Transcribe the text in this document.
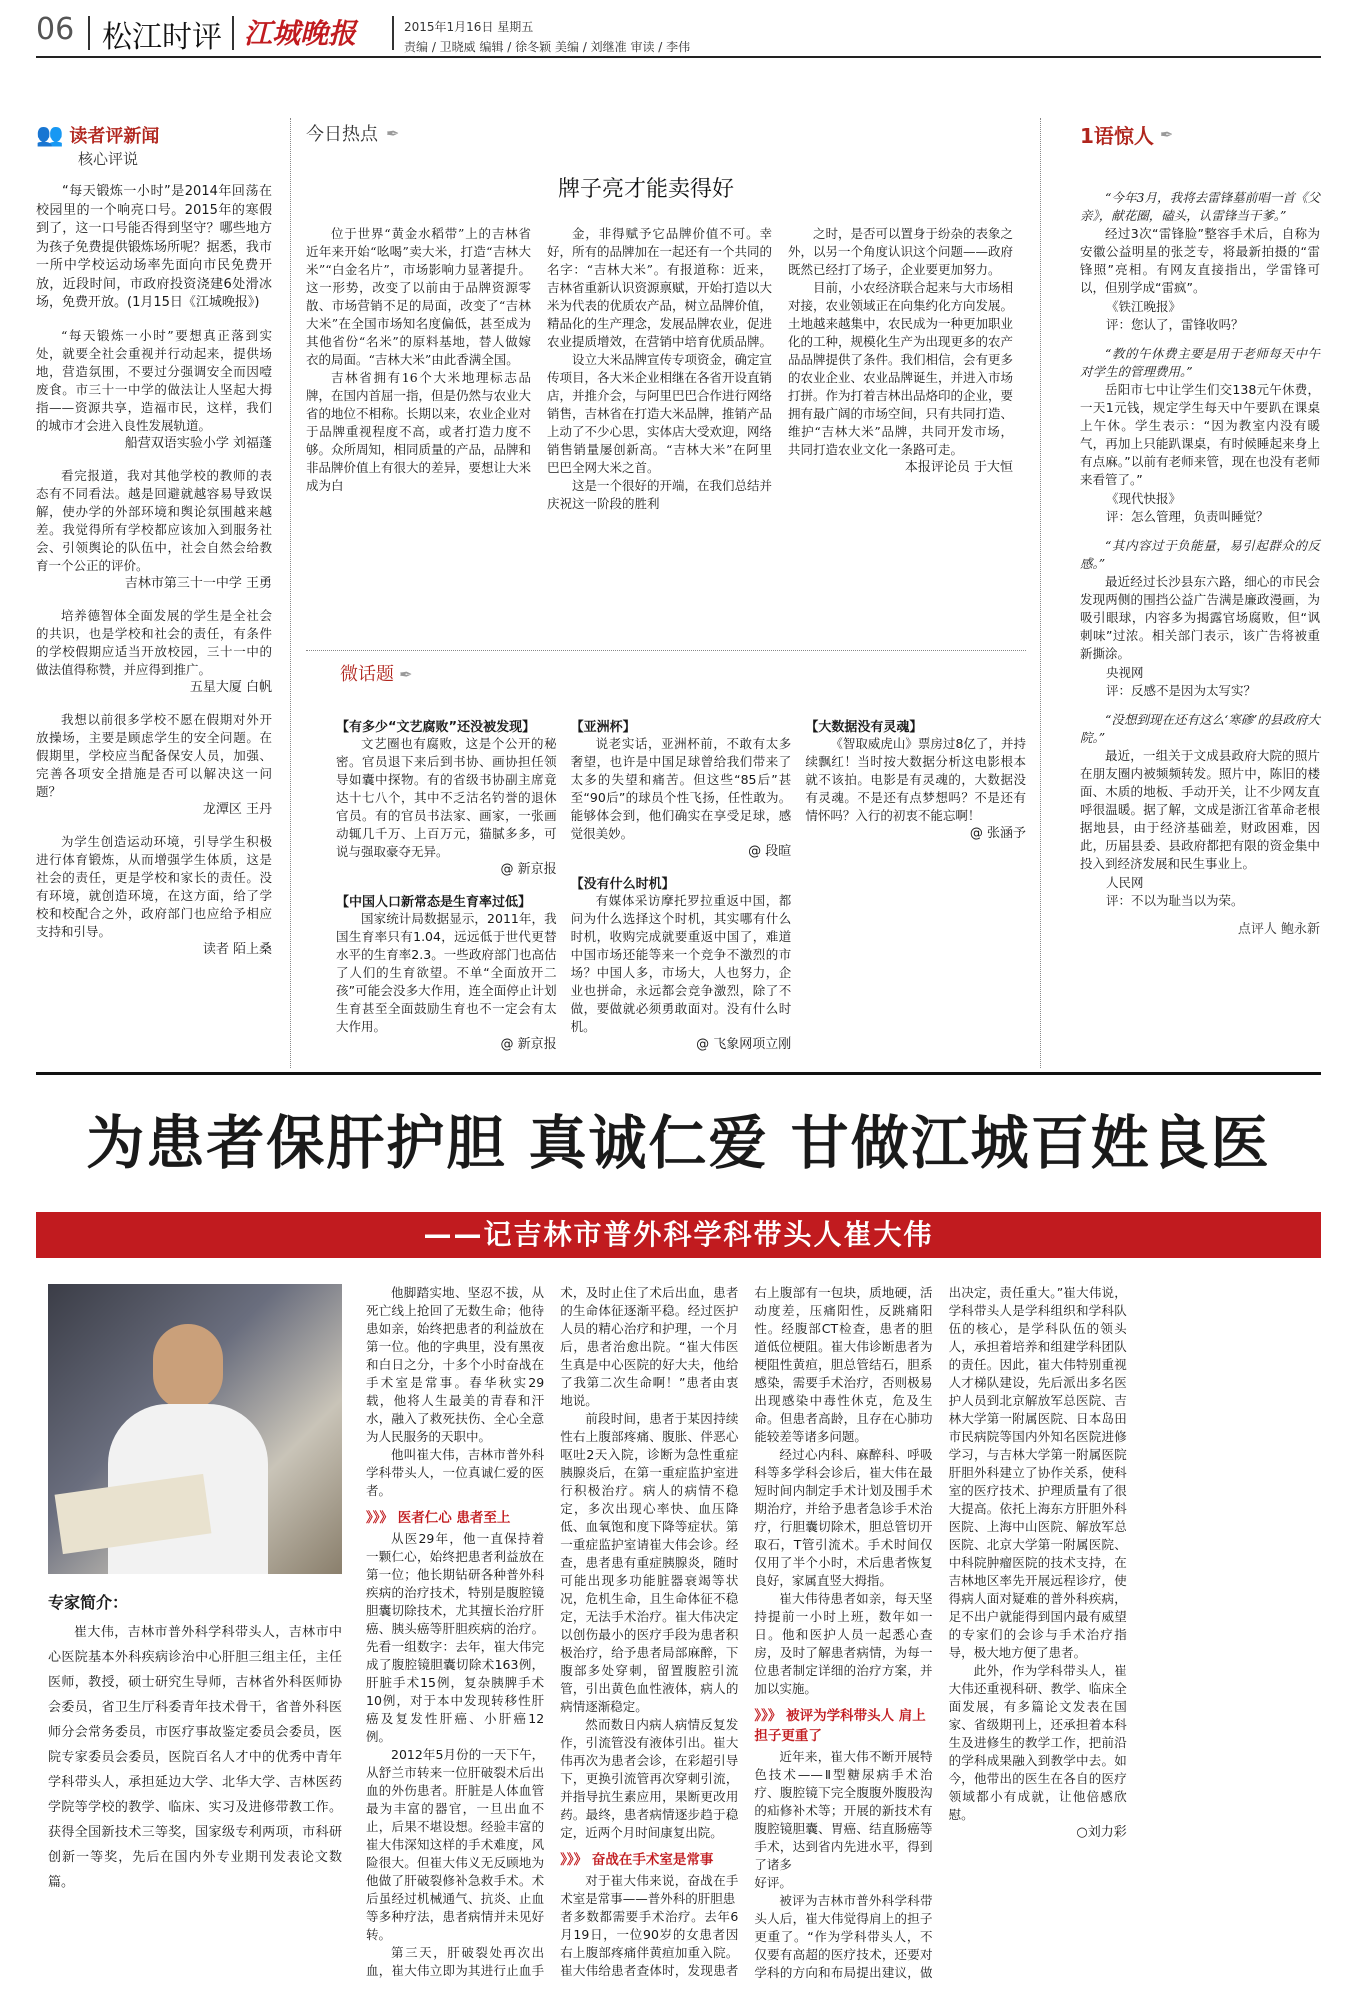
06 松江时评 江城晚报	2015年1月16日 星期五
责编 / 卫晓威 编辑 / 徐冬颖 美编 / 刘继准 审读 / 李伟
👥 读者评新闻
核心评说

“每天锻炼一小时”是2014年回荡在校园里的一个响亮口号。2015年的寒假到了，这一口号能否得到坚守？哪些地方为孩子免费提供锻炼场所呢？据悉，我市一所中学校运动场率先面向市民免费开放，近段时间，市政府投资浇建6处滑冰场，免费开放。(1月15日《江城晚报》)

“每天锻炼一小时”要想真正落到实处，就要全社会重视并行动起来，提供场地，营造氛围，不要过分强调安全而因噎废食。市三十一中学的做法让人坚起大拇指——资源共享，造福市民，这样，我们的城市才会进入良性发展轨道。

船营双语实验小学 刘福蓬

看完报道，我对其他学校的教师的表态有不同看法。越是回避就越容易导致误解，使办学的外部环境和舆论氛围越来越差。我觉得所有学校都应该加入到服务社会、引领舆论的队伍中，社会自然会给教育一个公正的评价。

吉林市第三十一中学 王勇

培养德智体全面发展的学生是全社会的共识，也是学校和社会的责任，有条件的学校假期应适当开放校园，三十一中的做法值得称赞，并应得到推广。

五星大厦 白帆

我想以前很多学校不愿在假期对外开放操场，主要是顾虑学生的安全问题。在假期里，学校应当配备保安人员，加强、完善各项安全措施是否可以解决这一问题？

龙潭区 王丹

为学生创造运动环境，引导学生积极进行体育锻炼，从而增强学生体质，这是社会的责任，更是学校和家长的责任。没有环境，就创造环境，在这方面，给了学校和校配合之外，政府部门也应给予相应支持和引导。

读者 陌上桑
今日热点 ✒
牌子亮才能卖得好

位于世界“黄金水稻带”上的吉林省近年来开始“吆喝”卖大米，打造“吉林大米”“白金名片”，市场影响力显著提升。这一形势，改变了以前由于品牌资源零散、市场营销不足的局面，改变了“吉林大米”在全国市场知名度偏低，甚至成为其他省份“名米”的原料基地，替人做嫁衣的局面。“吉林大米”由此香满全国。

吉林省拥有16个大米地理标志品牌，在国内首屈一指，但是仍然与农业大省的地位不相称。长期以来，农业企业对于品牌重视程度不高，或者打造力度不够。众所周知，相同质量的产品，品牌和非品牌价值上有很大的差异，要想让大米成为白

金，非得赋予它品牌价值不可。幸好，所有的品牌加在一起还有一个共同的名字：“吉林大米”。有报道称：近来，吉林省重新认识资源禀赋，开始打造以大米为代表的优质农产品，树立品牌价值，精品化的生产理念，发展品牌农业，促进农业提质增效，在营销中培育优质品牌。

设立大米品牌宣传专项资金，确定宣传项目，各大米企业相继在各省开设直销店，并推介会，与阿里巴巴合作进行网络销售，吉林省在打造大米品牌，推销产品上动了不少心思，实体店大受欢迎，网络销售销量屡创新高。“吉林大米”在阿里巴巴全网大米之首。

这是一个很好的开端，在我们总结并庆祝这一阶段的胜利

之时，是否可以置身于纷杂的表象之外，以另一个角度认识这个问题——政府既然已经打了场子，企业要更加努力。

目前，小农经济联合起来与大市场相对接，农业领域正在向集约化方向发展。土地越来越集中，农民成为一种更加职业化的工种，规模化生产为出现更多的农产品品牌提供了条件。我们相信，会有更多的农业企业、农业品牌诞生，并进入市场打拼。作为打着吉林出品烙印的企业，要拥有最广阔的市场空间，只有共同打造、维护“吉林大米”品牌，共同开发市场，共同打造农业文化一条路可走。

本报评论员 于大恒
微话题 ✒
【有多少“文艺腐败”还没被发现】

文艺圈也有腐败，这是个公开的秘密。官员退下来后到书协、画协担任领导如囊中探物。有的省级书协副主席竟达十七八个，其中不乏沽名钓誉的退休官员。有的官员书法家、画家，一张画动辄几千万、上百万元，猫腻多多，可说与强取豪夺无异。

@ 新京报
【中国人口新常态是生育率过低】

国家统计局数据显示，2011年，我国生育率只有1.04，远远低于世代更替水平的生育率2.3。一些政府部门也高估了人们的生育欲望。不单“全面放开二孩”可能会没多大作用，连全面停止计划生育甚至全面鼓励生育也不一定会有太大作用。

@ 新京报
【亚洲杯】

说老实话，亚洲杯前，不敢有太多奢望，也许是中国足球曾给我们带来了太多的失望和痛苦。但这些“85后”甚至“90后”的球员个性飞扬，任性敢为。能够体会到，他们确实在享受足球，感觉很美妙。

@ 段暄
【没有什么时机】

有媒体采访摩托罗拉重返中国，都问为什么选择这个时机，其实哪有什么时机，收购完成就要重返中国了，难道中国市场还能等来一个竞争不激烈的市场？中国人多，市场大，人也努力，企业也拼命，永远都会竞争激烈，除了不做，要做就必须勇敢面对。没有什么时机。

@ 飞象网项立刚
【大数据没有灵魂】

《智取威虎山》票房过8亿了，并持续飘红！当时按大数据分析这电影根本就不该拍。电影是有灵魂的，大数据没有灵魂。不是还有点梦想吗？不是还有情怀吗？入行的初衷不能忘啊！

@ 张涵予
1语惊人 ✒

“今年3月，我将去雷锋墓前唱一首《父亲》，献花圈，磕头，认雷锋当干爹。”

经过3次“雷锋脸”整容手术后，自称为安徽公益明星的张芝专，将最新拍摄的“雷锋照”亮相。有网友直接指出，学雷锋可以，但别学成“雷疯”。

《铁江晚报》
评：您认了，雷锋收吗？

“教的午休费主要是用于老师每天中午对学生的管理费用。”

岳阳市七中让学生们交138元午休费，一天1元钱，规定学生每天中午要趴在课桌上午休。学生表示：“因为教室内没有暖气，再加上只能趴课桌，有时候睡起来身上有点麻。”以前有老师来管，现在也没有老师来看管了。”

《现代快报》
评：怎么管理，负责叫睡觉？

“其内容过于负能量，易引起群众的反感。”

最近经过长沙县东六路，细心的市民会发现两侧的围挡公益广告满是廉政漫画，为吸引眼球，内容多为揭露官场腐败，但“讽刺味”过浓。相关部门表示，该广告将被重新撕涂。

央视网
评：反感不是因为太写实？

“没想到现在还有这么‘寒碜’的县政府大院。”

最近，一组关于文成县政府大院的照片在朋友圈内被频频转发。照片中，陈旧的楼面、木质的地板、手动开关，让不少网友直呼很温暖。据了解，文成是浙江省革命老根据地县，由于经济基础差，财政困难，因此，历届县委、县政府都把有限的资金集中投入到经济发展和民生事业上。

人民网
评：不以为耻当以为荣。
点评人 鲍永新
为患者保肝护胆 真诚仁爱 甘做江城百姓良医
——记吉林市普外科学科带头人崔大伟
专家简介：

崔大伟，吉林市普外科学科带头人，吉林市中心医院基本外科疾病诊治中心肝胆三组主任，主任医师，教授，硕士研究生导师，吉林省外科医师协会委员，省卫生厅科委青年技术骨干，省普外科医师分会常务委员，市医疗事故鉴定委员会委员，医院专家委员会委员，医院百名人才中的优秀中青年学科带头人，承担延边大学、北华大学、吉林医药学院等学校的教学、临床、实习及进修带教工作。获得全国新技术三等奖，国家级专利两项，市科研创新一等奖，先后在国内外专业期刊发表论文数篇。

他脚踏实地、坚忍不拔，从死亡线上抢回了无数生命；他待患如亲，始终把患者的利益放在第一位。他的字典里，没有黑夜和白日之分，十多个小时奋战在手术室是常事。春华秋实29载，他将人生最美的青春和汗水，融入了救死扶伤、全心全意为人民服务的天职中。

他叫崔大伟，吉林市普外科学科带头人，一位真诚仁爱的医者。

》》》 医者仁心 患者至上

从医29年，他一直保持着一颗仁心，始终把患者利益放在第一位；他长期钻研各种普外科疾病的治疗技术，特别是腹腔镜胆囊切除技术，尤其擅长治疗肝癌、胰头癌等肝胆疾病的治疗。先看一组数字：去年，崔大伟完成了腹腔镜胆囊切除术163例，肝脏手术15例，复杂胰脾手术10例，对于本中发现转移性肝癌及复发性肝癌、小肝癌12例。

2012年5月份的一天下午，从舒兰市转来一位肝破裂术后出血的外伤患者。肝脏是人体血管最为丰富的器官，一旦出血不止，后果不堪设想。经验丰富的崔大伟深知这样的手术难度，风险很大。但崔大伟义无反顾地为他做了肝破裂修补急救手术。术后虽经过机械通气、抗炎、止血等多种疗法，患者病情并未见好转。

第三天，肝破裂处再次出血，崔大伟立即为其进行止血手术，及时止住了术后出血，患者的生命体征逐渐平稳。经过医护人员的精心治疗和护理，一个月后，患者治愈出院。“崔大伟医生真是中心医院的好大夫，他给了我第二次生命啊！”患者由衷地说。

前段时间，患者于某因持续性右上腹部疼痛、腹胀、伴恶心呕吐2天入院，诊断为急性重症胰腺炎后，在第一重症监护室进行积极治疗。病人的病情不稳定，多次出现心率快、血压降低、血氧饱和度下降等症状。第一重症监护室请崔大伟会诊。经查，患者患有重症胰腺炎，随时可能出现多功能脏器衰竭等状况，危机生命，且生命体征不稳定，无法手术治疗。崔大伟决定以创伤最小的医疗手段为患者积极治疗，给予患者局部麻醉，下腹部多处穿刺，留置腹腔引流管，引出黄色血性液体，病人的病情逐渐稳定。

然而数日内病人病情反复发作，引流管没有液体引出。崔大伟再次为患者会诊，在彩超引导下，更换引流管再次穿刺引流，并指导抗生素应用，果断更改用药。最终，患者病情逐步趋于稳定，近两个月时间康复出院。

》》》 奋战在手术室是常事

对于崔大伟来说，奋战在手术室是常事——普外科的肝胆患

者多数都需要手术治疗。去年6月19日，一位90岁的女患者因右上腹部疼痛伴黄疸加重入院。崔大伟给患者查体时，发现患者右上腹部有一包块，质地硬，活动度差，压痛阳性，反跳痛阳性。经腹部CT检查，患者的胆道低位梗阻。崔大伟诊断患者为梗阻性黄疸，胆总管结石，胆系感染，需要手术治疗，否则极易出现感染中毒性休克，危及生命。但患者高龄，且存在心肺功能较差等诸多问题。

经过心内科、麻醉科、呼吸科等多学科会诊后，崔大伟在最短时间内制定手术计划及围手术期治疗，并给予患者急诊手术治疗，行胆囊切除术，胆总管切开取石，T管引流术。手术时间仅仅用了半个小时，术后患者恢复良好，家属直竖大拇指。

崔大伟待患者如亲，每天坚持提前一小时上班，数年如一日。他和医护人员一起悉心查房，及时了解患者病情，为每一位患者制定详细的治疗方案，并加以实施。

》》》 被评为学科带头人 肩上担子更重了

近年来，崔大伟不断开展特色技术——Ⅱ型糖尿病手术治疗、腹腔镜下完全腹腹外腹股沟的疝修补术等；开展的新技术有腹腔镜胆囊、胃癌、结直肠癌等手术，达到省内先进水平，得到了诸多

好评。

被评为吉林市普外科学科带头人后，崔大伟觉得肩上的担子更重了。“作为学科带头人，不仅要有高超的医疗技术，还要对学科的方向和布局提出建议，做出决定，责任重大。”崔大伟说，学科带头人是学科组织和学科队伍的核心，是学科队伍的领头人，承担着培养和组建学科团队的责任。因此，崔大伟特别重视人才梯队建设，先后派出多名医护人员到北京解放军总医院、吉林大学第一附属医院、日本岛田市民病院等国内外知名医院进修学习，与吉林大学第一附属医院肝胆外科建立了协作关系，使科室的医疗技术、护理质量有了很大提高。依托上海东方肝胆外科医院、上海中山医院、解放军总医院、北京大学第一附属医院、中科院肿瘤医院的技术支持，在吉林地区率先开展远程诊疗，使得病人面对疑难的普外科疾病，足不出户就能得到国内最有威望的专家们的会诊与手术治疗指导，极大地方便了患者。

此外，作为学科带头人，崔大伟还重视科研、教学、临床全面发展，有多篇论文发表在国家、省级期刊上，还承担着本科生及进修生的教学工作，把前沿的学科成果融入到教学中去。如今，他带出的医生在各自的医疗领域都小有成就，让他倍感欣慰。

○刘力彩
